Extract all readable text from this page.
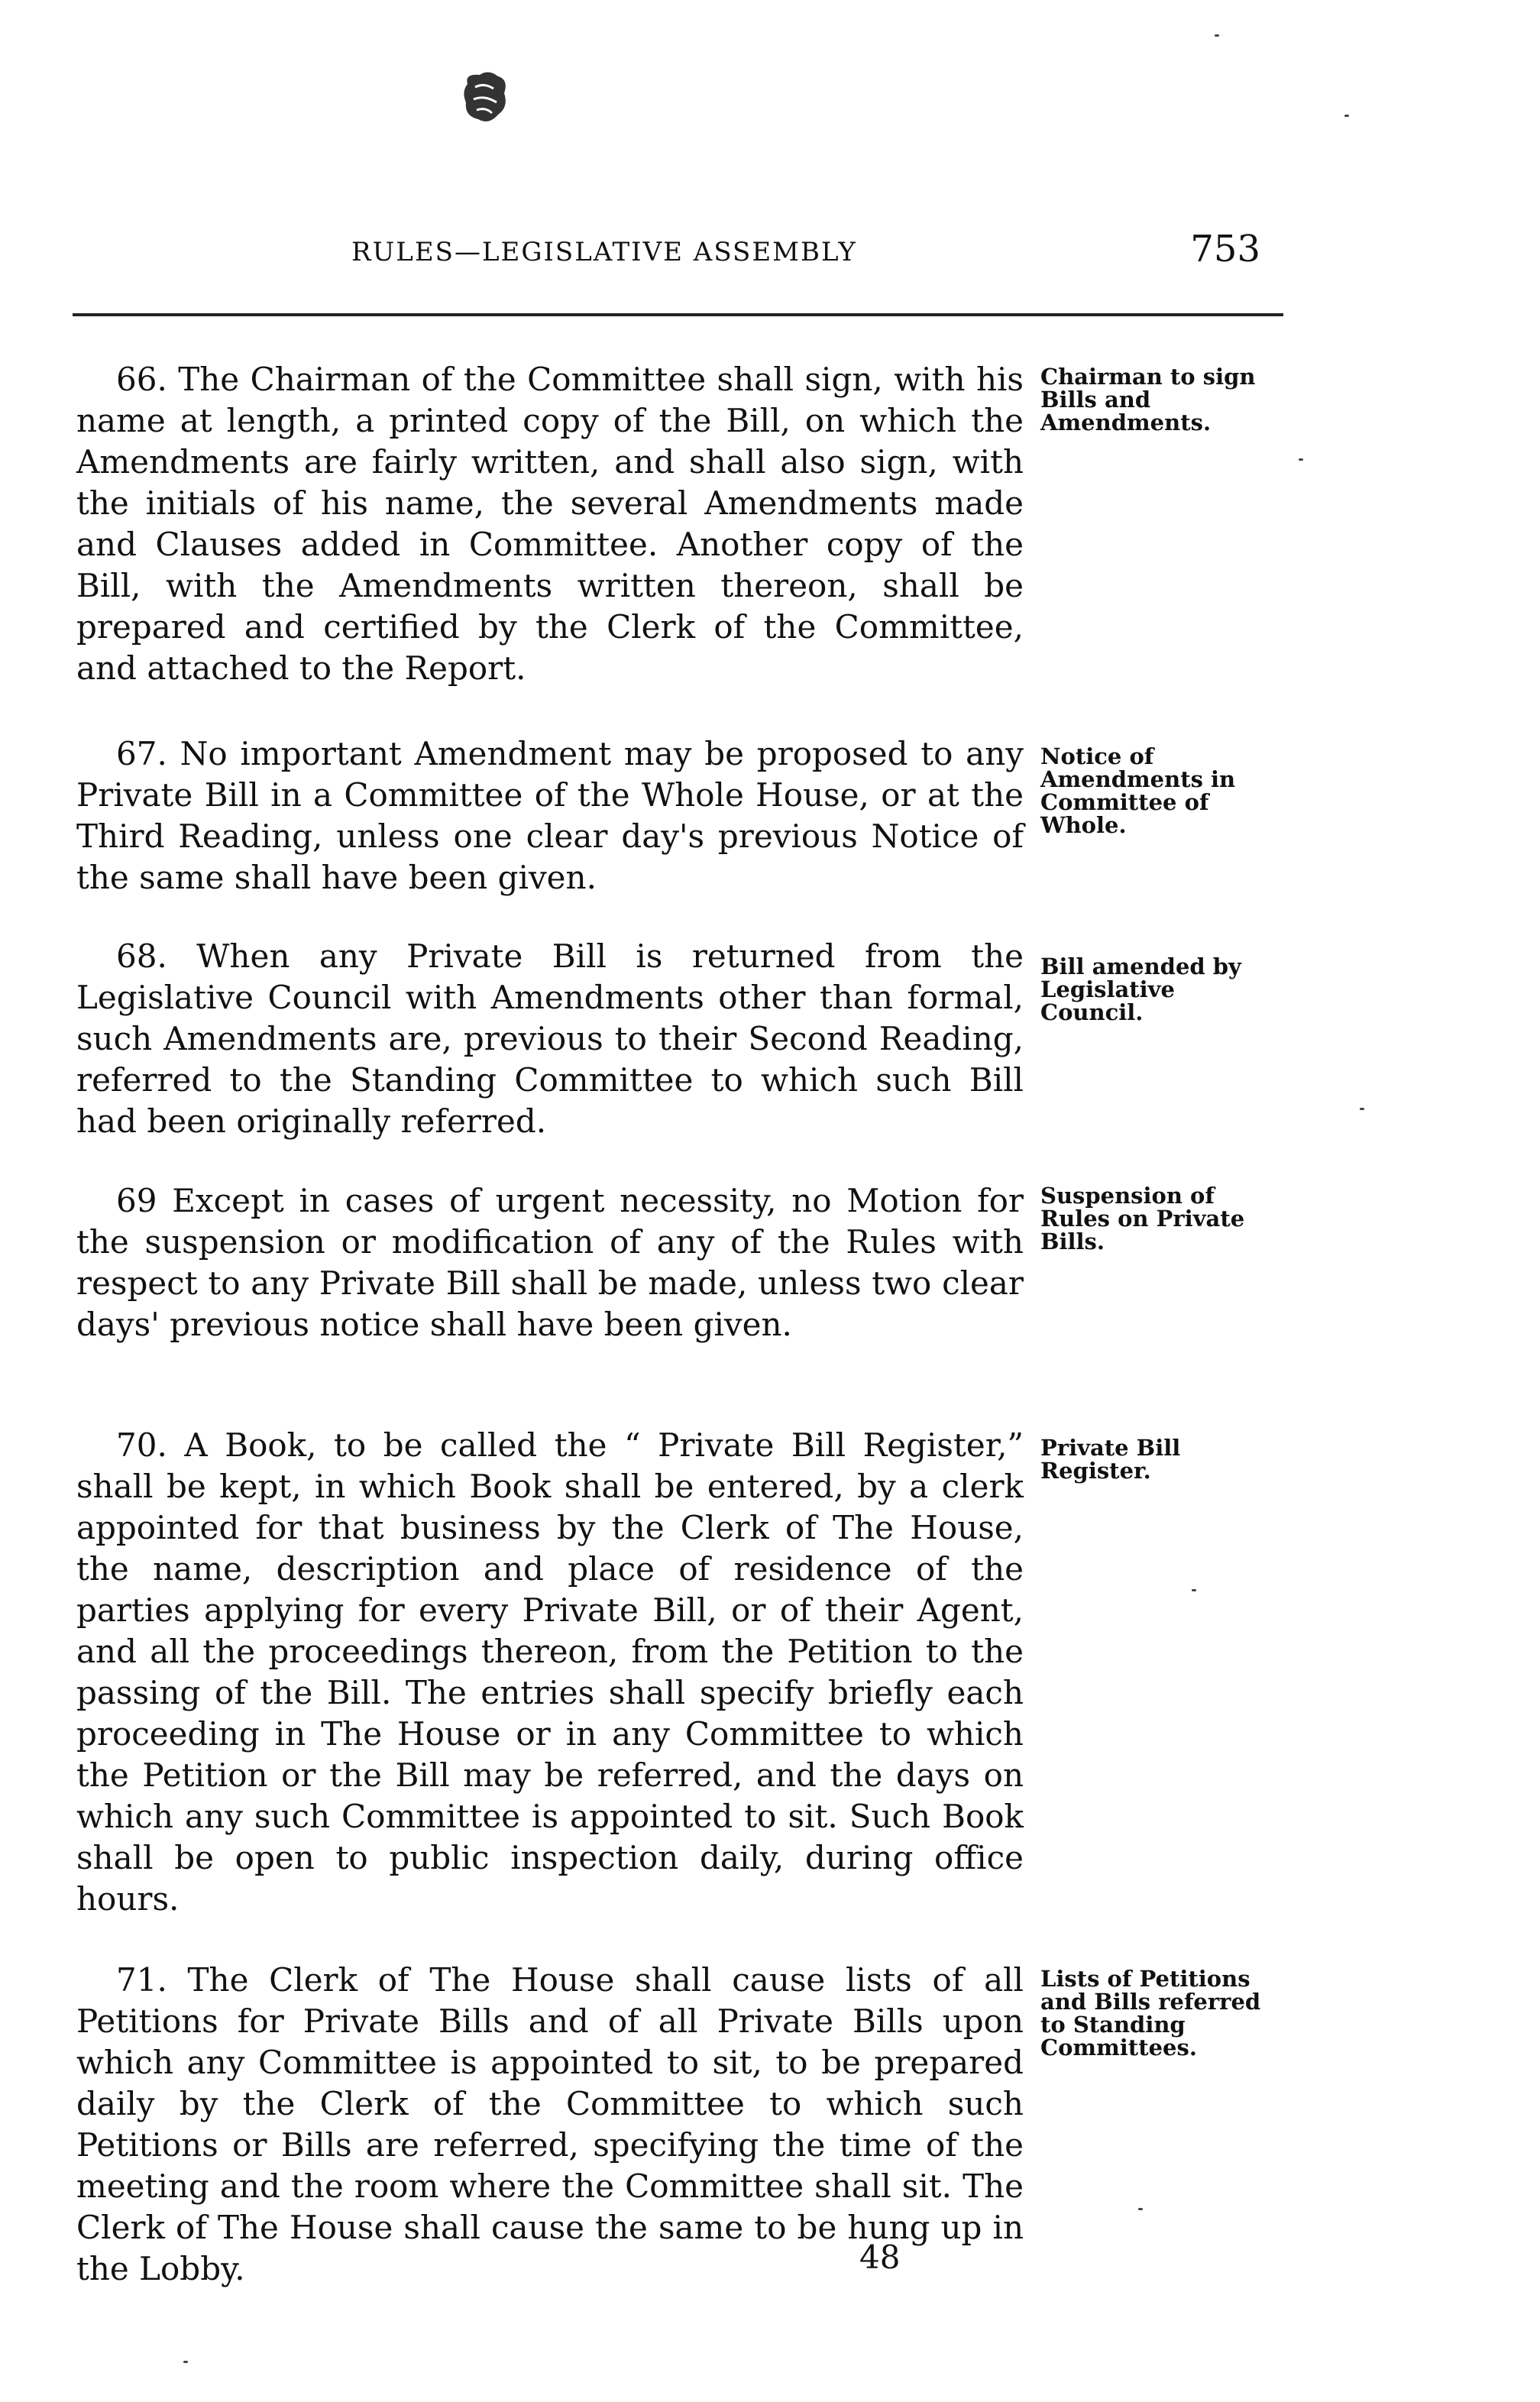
RULES—LEGISLATIVE ASSEMBLY	753

66. The Chairman of the Committee shall sign, with his name at length, a printed copy of the Bill, on which the Amendments are fairly written, and shall also sign, with the initials of his name, the several Amendments made and Clauses added in Committee. Another copy of the Bill, with the Amendments written thereon, shall be prepared and certified by the Clerk of the Committee, and attached to the Report.

Chairman to sign Bills and Amendments.

67. No important Amendment may be proposed to any Private Bill in a Committee of the Whole House, or at the Third Reading, unless one clear day's previous Notice of the same shall have been given.

Notice of Amendments in Committee of Whole.

68. When any Private Bill is returned from the Legislative Council with Amendments other than formal, such Amendments are, previous to their Second Reading, referred to the Standing Committee to which such Bill had been originally referred.

Bill amended by Legislative Council.

69 Except in cases of urgent necessity, no Motion for the suspension or modification of any of the Rules with respect to any Private Bill shall be made, unless two clear days' previous notice shall have been given.

Suspension of Rules on Private Bills.

70. A Book, to be called the “ Private Bill Register,” shall be kept, in which Book shall be entered, by a clerk appointed for that business by the Clerk of The House, the name, description and place of residence of the parties applying for every Private Bill, or of their Agent, and all the proceedings thereon, from the Petition to the passing of the Bill. The entries shall specify briefly each proceeding in The House or in any Committee to which the Petition or the Bill may be referred, and the days on which any such Committee is appointed to sit. Such Book shall be open to public inspection daily, during office hours.

Private Bill Register.

71. The Clerk of The House shall cause lists of all Petitions for Private Bills and of all Private Bills upon which any Committee is appointed to sit, to be prepared daily by the Clerk of the Committee to which such Petitions or Bills are referred, specifying the time of the meeting and the room where the Committee shall sit. The Clerk of The House shall cause the same to be hung up in the Lobby.

Lists of Petitions and Bills referred to Standing Committees.
48
